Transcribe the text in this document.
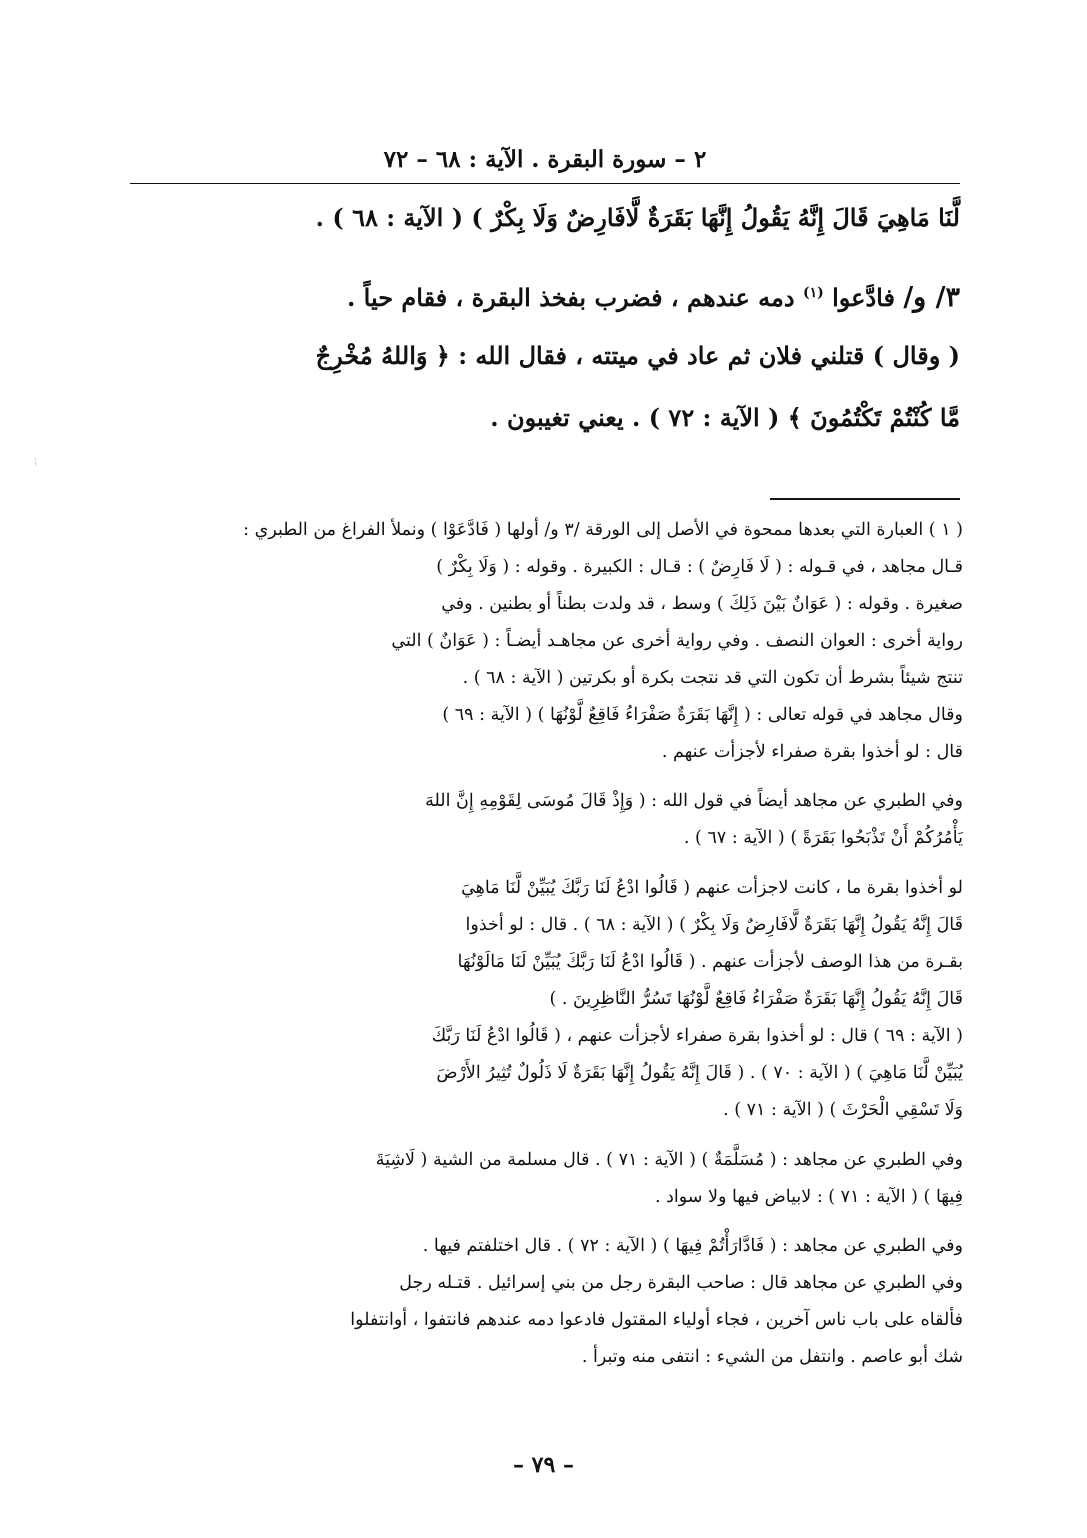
٢ – سورة البقرة . الآية : ٦٨ – ٧٢
لَّنَا مَاهِيَ قَالَ إِنَّهُ يَقُولُ إِنَّهَا بَقَرَةٌ لَّافَارِضٌ وَلَا بِكْرٌ ) ( الآية : ٦٨ ) .
٣/ و/ فادَّعوا $^{(١)}$ دمه عندهم ، فضرب بفخذ البقرة ، فقام حياً .
( وقال ) قتلني فلان ثم عاد في ميتته ، فقال الله : ﴿ وَاللهُ مُخْرِجٌ
مَّا كُنْتُمْ تَكْتُمُونَ ﴾ ( الآية : ٧٢ ) . يعني تغيبون .
( ١ ) العبارة التي بعدها ممحوة في الأصل إلى الورقة /٣ و/ أولها ( فَادَّعَوْا ) ونملأ الفراغ من الطبري :
قـال مجاهد ، في قـوله : ( لَا فَارِضٌ ) : قـال : الكبيرة . وقوله : ( وَلَا بِكْرٌ )
صغيرة . وقوله : ( عَوَانٌ بَيْنَ ذَلِكَ ) وسط ، قد ولدت بطناً أو بطنين . وفي
رواية أخرى : العوان النصف . وفي رواية أخرى عن مجاهـد أيضـاً : ( عَوَانٌ ) التي
تنتج شيئاً بشرط أن تكون التي قد نتجت بكرة أو بكرتين ( الآية : ٦٨ ) .
وقال مجاهد في قوله تعالى : ( إِنَّهَا بَقَرَةٌ صَفْرَاءُ فَاقِعٌ لَّوْنُهَا ) ( الآية : ٦٩ )
قال : لو أخذوا بقرة صفراء لأجزأت عنهم .
وفي الطبري عن مجاهد أيضاً في قول الله : ( وَإِذْ قَالَ مُوسَى لِقَوْمِهِ إِنَّ اللهَ
يَأْمُرُكُمْ أَنْ تَذْبَحُوا بَقَرَةً ) ( الآية : ٦٧ ) .
لو أخذوا بقرة ما ، كانت لاجزأت عنهم ( قَالُوا ادْعُ لَنَا رَبَّكَ يُبَيِّنْ لَّنَا مَاهِيَ
قَالَ إِنَّهُ يَقُولُ إِنَّهَا بَقَرَةٌ لَّافَارِضٌ وَلَا بِكْرٌ ) ( الآية : ٦٨ ) . قال : لو أخذوا
بقـرة من هذا الوصف لأجزأت عنهم . ( قَالُوا ادْعُ لَنَا رَبَّكَ يُبَيِّنْ لَنَا مَالَوْنُهَا
قَالَ إِنَّهُ يَقُولُ إِنَّهَا بَقَرَةٌ صَفْرَاءُ فَاقِعٌ لَّوْنُهَا تَسُرُّ النَّاظِرِينَ . )
( الآية : ٦٩ ) قال : لو أخذوا بقرة صفراء لأجزأت عنهم ، ( قَالُوا ادْعُ لَنَا رَبَّكَ
يُبَيِّنْ لَّنَا مَاهِيَ ) ( الآية : ٧٠ ) . ( قَالَ إِنَّهُ يَقُولُ إِنَّهَا بَقَرَةٌ لَا ذَلُولٌ تُثِيرُ الأَرْضَ
وَلَا تَسْقِي الْحَرْثَ ) ( الآية : ٧١ ) .
وفي الطبري عن مجاهد : ( مُسَلَّمَةٌ ) ( الآية : ٧١ ) . قال مسلمة من الشية ( لَاشِيَةَ
فِيهَا ) ( الآية : ٧١ ) : لابياض فيها ولا سواد .
وفي الطبري عن مجاهد : ( فَادَّارَأْتُمْ فِيهَا ) ( الآية : ٧٢ ) . قال اختلفتم فيها .
وفي الطبري عن مجاهد قال : صاحب البقرة رجل من بني إسرائيل . قتـله رجل
فألقاه على باب ناس آخرين ، فجاء أولياء المقتول فادعوا دمه عندهم فانتفوا ، أوانتفلوا
شك أبو عاصم . وانتفل من الشيء : انتفى منه وتبرأ .
– ٧٩ –
⁞
